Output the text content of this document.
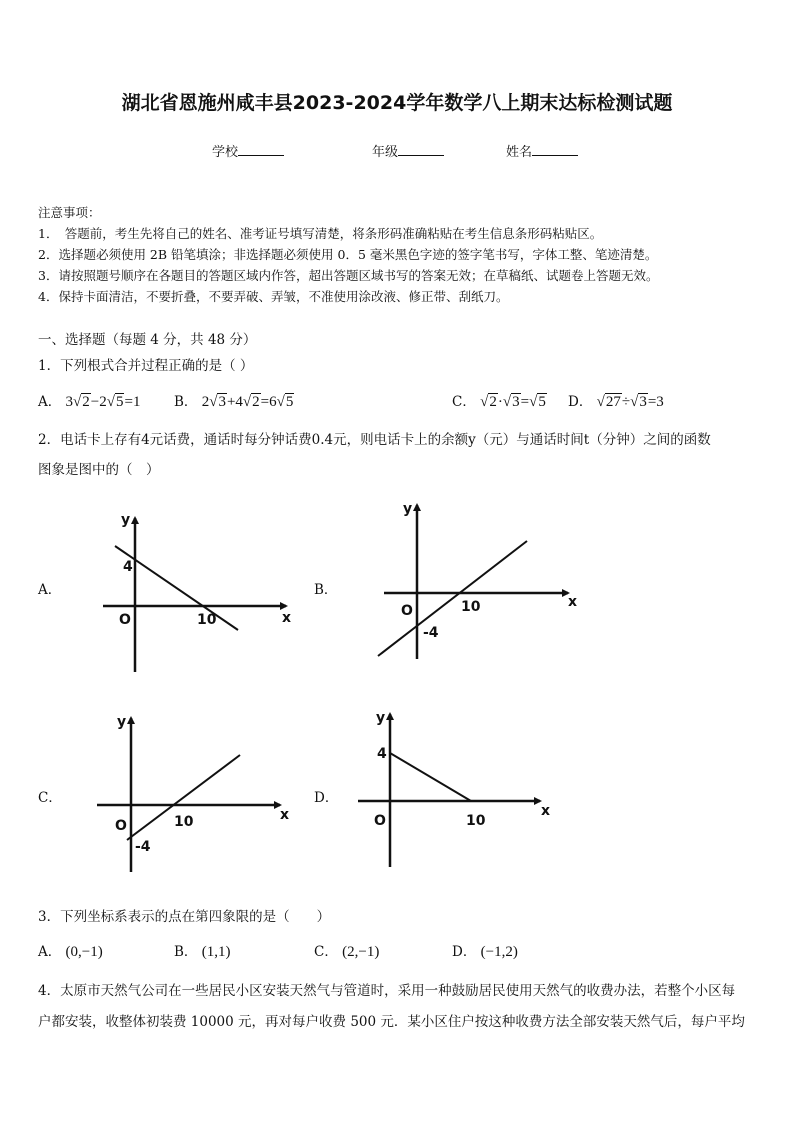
湖北省恩施州咸丰县2023-2024学年数学八上期末达标检测试题
学校	年级	姓名
注意事项：
1．　答题前，考生先将自己的姓名、准考证号填写清楚，将条形码准确粘贴在考生信息条形码粘贴区。
2．选择题必须使用 2B 铅笔填涂；非选择题必须使用 0．5 毫米黑色字迹的签字笔书写，字体工整、笔迹清楚。
3．请按照题号顺序在各题目的答题区域内作答，超出答题区域书写的答案无效；在草稿纸、试题卷上答题无效。
4．保持卡面清洁，不要折叠，不要弄破、弄皱，不准使用涂改液、修正带、刮纸刀。
一、选择题（每题 4 分，共 48 分）
1．下列根式合并过程正确的是（ ）
A． 3√2−2√5=1 B． 2√3+4√2=6√5	C． √2·√3=√5 D． √27÷√3=3
2．电话卡上存有4元话费，通话时每分钟话费0.4元，则电话卡上的余额y（元）与通话时间t（分钟）之间的函数
图象是图中的（　）
A．	B．
C．	D．
y
x
O
4
10
y
x
O	10
-4
y
x
O	10
-4
y
x
O
4
10
3．下列坐标系表示的点在第四象限的是（　　）
A． (0,−1)	B． (1,1)	C． (2,−1)	D． (−1,2)
4．太原市天然气公司在一些居民小区安装天然气与管道时，采用一种鼓励居民使用天然气的收费办法，若整个小区每
户都安装，收整体初装费 10000 元，再对每户收费 500 元．某小区住户按这种收费方法全部安装天然气后，每户平均
